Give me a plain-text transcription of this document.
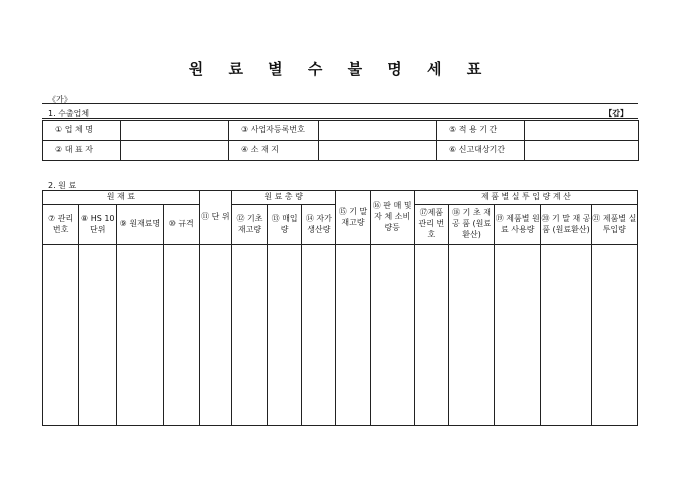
원 료 별 수 불 명 세 표
《가》
1. 수출업체	【갑】
① 업 체 명		③ 사업자등록번호		⑤ 적 용 기 간	
② 대 표 자		④ 소 재 지		⑥ 신고대상기간	
2. 원 료
원 재 료				⑪ 단 위	원 료 총 량			⑮ 기 말 재고량	⑯ 판 매 및 자 체 소비량등	제 품 별 실 투 입 량 계 산				
⑦ 관리 번호	⑧ HS 10단위	⑨ 원재료명	⑩ 규격		⑫ 기초 재고량	⑬ 매입량	⑭ 자가 생산량			⑰제품 관리 번 호	⑱ 기 초 재 공 품 (원료환산)	⑲ 제품별 원 료 사용량	⑳ 기 말 재 공 품 (원료환산)	㉑ 제품별 실투입량
